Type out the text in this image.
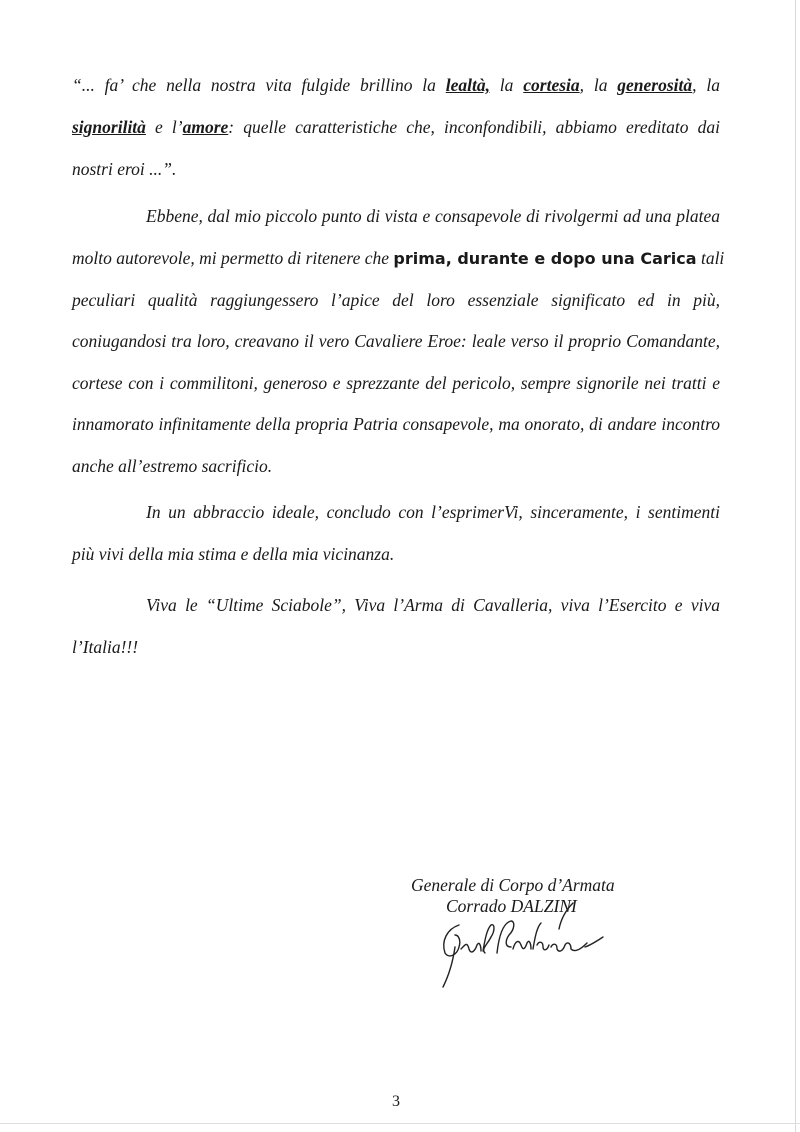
“... fa’ che nella nostra vita fulgide brillino la lealtà, la cortesia, la generosità, la
signorilità e l’amore: quelle caratteristiche che, inconfondibili, abbiamo ereditato dai
nostri eroi ...”.
Ebbene, dal mio piccolo punto di vista e consapevole di rivolgermi ad una platea
molto autorevole, mi permetto di ritenere che prima, durante e dopo una Carica tali
peculiari qualità raggiungessero l’apice del loro essenziale significato ed in più,
coniugandosi tra loro, creavano il vero Cavaliere Eroe: leale verso il proprio Comandante,
cortese con i commilitoni, generoso e sprezzante del pericolo, sempre signorile nei tratti e
innamorato infinitamente della propria Patria consapevole, ma onorato, di andare incontro
anche all’estremo sacrificio.
In un abbraccio ideale, concludo con l’esprimerVi, sinceramente, i sentimenti
più vivi della mia stima e della mia vicinanza.
Viva le “Ultime Sciabole”, Viva l’Arma di Cavalleria, viva l’Esercito e viva
l’Italia!!!
Generale di Corpo d’Armata
Corrado DALZINI
3
